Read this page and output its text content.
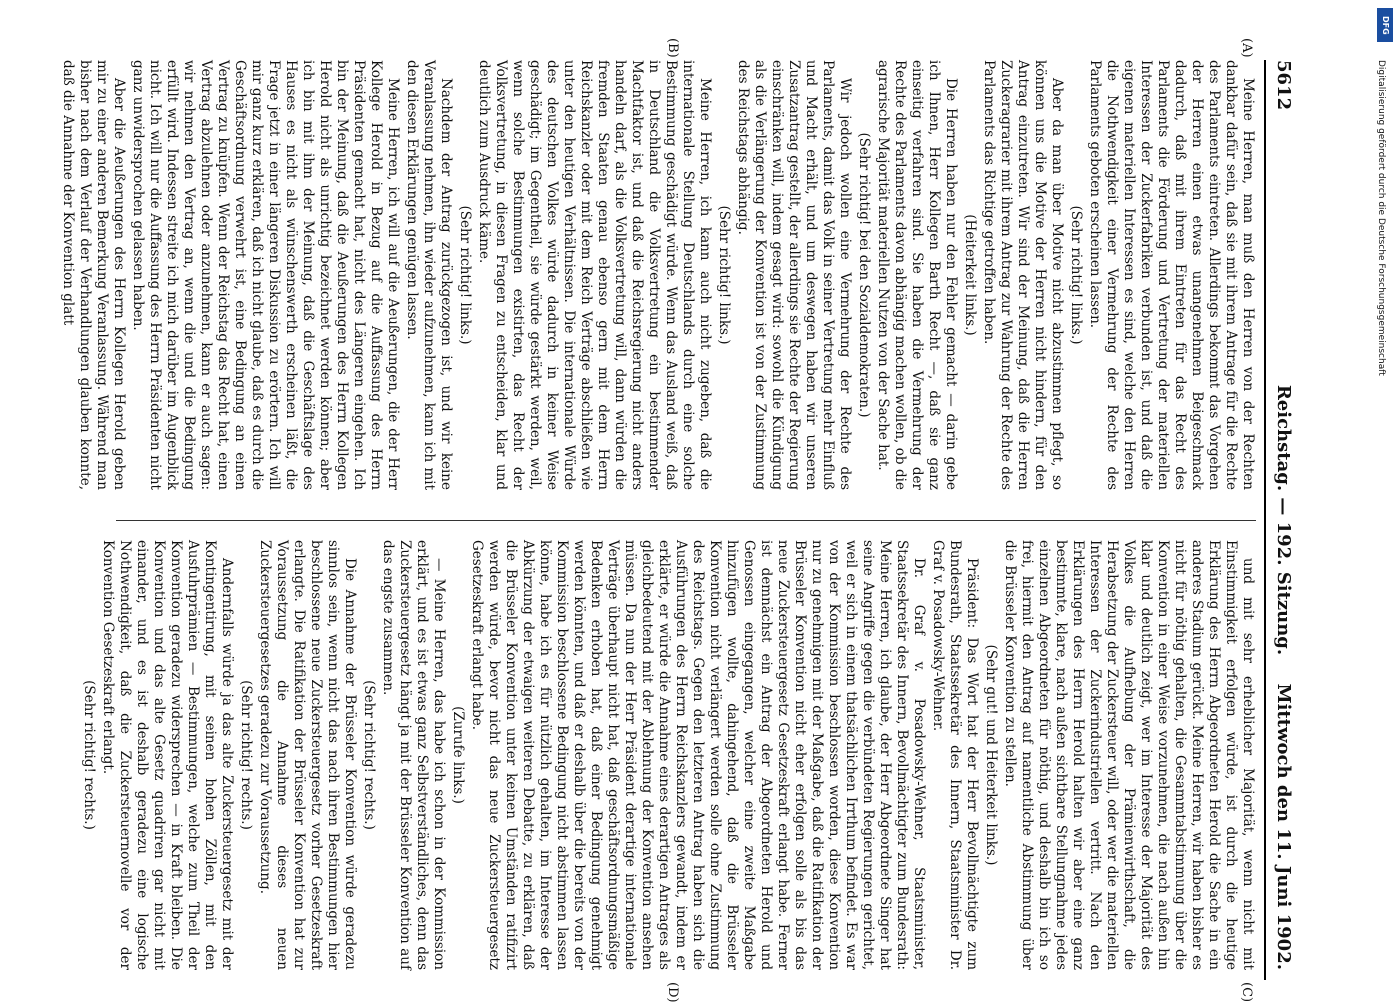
5612
Reichstag. — 192. Sitzung.
Mittwoch den 11. Juni 1902.
(A)
(B)
(C)
(D)

Meine Herren, man muß den Herren von der Rechten dankbar dafür sein, daß sie mit ihrem Antrage für die Rechte des Parlaments eintreten. Allerdings bekommt das Vorgehen der Herren einen etwas unangenehmen Beigeschmack dadurch, daß mit ihrem Eintreten für das Recht des Parlaments die Förderung und Vertretung der materiellen Interessen der Zuckerfabriken verbunden ist, und daß die eigenen materiellen Interessen es sind, welche den Herren die Nothwendigkeit einer Vermehrung der Rechte des Parlaments geboten erscheinen lassen.

(Sehr richtig! links.)

Aber da man über Motive nicht abzustimmen pflegt, so können uns die Motive der Herren nicht hindern, für den Antrag einzutreten. Wir sind der Meinung, daß die Herren Zuckeragrarier mit ihrem Antrag zur Wahrung der Rechte des Parlaments das Richtige getroffen haben.

(Heiterkeit links.)

Die Herren haben nur den Fehler gemacht — darin gebe ich Ihnen, Herr Kollegen Barth Recht —, daß sie ganz einseitig verfahren sind. Sie haben die Vermehrung der Rechte des Parlaments davon abhängig machen wollen, ob die agrarische Majorität materiellen Nutzen von der Sache hat.

(Sehr richtig! bei den Sozialdemokraten.)

Wir jedoch wollen eine Vermehrung der Rechte des Parlaments, damit das Volk in seiner Vertretung mehr Einfluß und Macht erhält, und um deswegen haben wir unseren Zusatzantrag gestellt, der allerdings sie Rechte der Regierung einschränken will, indem gesagt wird: sowohl die Kündigung als die Verlängerung der Konvention ist von der Zustimmung des Reichstags abhängig.

(Sehr richtig! links.)

Meine Herren, ich kann auch nicht zugeben, daß die internationale Stellung Deutschlands durch eine solche Bestimmung geschädigt würde. Wenn das Ausland weiß, daß in Deutschland die Volksvertretung ein bestimmender Machtfaktor ist, und daß die Reichsregierung nicht anders handeln darf, als die Volksvertretung will, dann würden die fremden Staaten genau ebenso gern mit dem Herrn Reichskanzler oder mit dem Reich Verträge abschließen wie unter den heutigen Verhältnissen. Die internationale Würde des deutschen Volkes würde dadurch in keiner Weise geschädigt; im Gegentheil, sie würde gestärkt werden, weil, wenn solche Bestimmungen existirten, das Recht der Volksvertretung, in diesen Fragen zu entscheiden, klar und deutlich zum Ausdruck käme.

(Sehr richtig! links.)

Nachdem der Antrag zurückgezogen ist, und wir keine Veranlassung nehmen, ihn wieder aufzunehmen, kann ich mit den diesen Erklärungen genügen lassen.

Meine Herren, ich will auf die Aeußerungen, die der Herr Kollege Herold in Bezug auf die Auffassung des Herrn Präsidenten gemacht hat, nicht des Längeren eingehen. Ich bin der Meinung, daß die Aeußerungen des Herrn Kollegen Herold nicht als unrichtig bezeichnet werden können; aber ich bin mit ihm der Meinung, daß die Geschäftslage des Hauses es nicht als wünschenswerth erscheinen läßt, die Frage jetzt in einer längeren Diskussion zu erörtern. Ich will mir ganz kurz erklären, daß ich nicht glaube, daß es durch die Geschäftsordnung verwehrt ist, eine Bedingung an einen Vertrag zu knüpfen. Wenn der Reichstag das Recht hat, einen Vertrag abzulehnen oder anzunehmen, kann er auch sagen: wir nehmen den Vertrag an, wenn die und die Bedingung erfüllt wird. Indessen streite ich mich darüber im Augenblick nicht. Ich will nur die Auffassung des Herrn Präsidenten nicht ganz unwidersprochen gelassen haben.

Aber die Aeußerungen des Herrn Kollegen Herold geben mir zu einer anderen Bemerkung Veranlassung. Während man bisher nach dem Verlauf der Verhandlungen glauben konnte, daß die Annahme der Konvention glatt

und mit sehr erheblicher Majorität, wenn nicht mit Einstimmigkeit erfolgen würde, ist durch die heutige Erklärung des Herrn Abgeordneten Herold die Sache in ein anderes Stadium gerückt. Meine Herren, wir haben bisher es nicht für nöthig gehalten, die Gesammtabstimmung über die Konvention in einer Weise vorzunehmen, die nach außen hin klar und deutlich zeigt, wer im Interesse der Majorität des Volkes die Aufhebung der Prämienwirthschaft, die Herabsetzung der Zuckersteuer will, oder wer die materiellen Interessen der Zuckerindustriellen vertritt. Nach den Erklärungen des Herrn Herold halten wir aber eine ganz bestimmte, klare, nach außen sichtbare Stellungnahme jedes einzelnen Abgeordneten für nöthig, und deshalb bin ich so frei, hiermit den Antrag auf namentliche Abstimmung über die Brüsseler Konvention zu stellen.

(Sehr gut! und Heiterkeit links.)

Präsident: Das Wort hat der Herr Bevollmächtigte zum Bundesrath, Staatssekretär des Innern, Staatsminister Dr. Graf v. Posadowsky-Wehner.

Dr. Graf v. Posadowsky-Wehner, Staatsminister, Staatssekretär des Innern, Bevollmächtigter zum Bundesrath: Meine Herren, ich glaube, der Herr Abgeordnete Singer hat seine Angriffe gegen die verbündeten Regierungen gerichtet, weil er sich in einem thatsächlichen Irrthum befindet. Es war von der Kommission beschlossen worden, diese Konvention nur zu genehmigen mit der Maßgabe, daß die Ratifikation der Brüsseler Konvention nicht eher erfolgen solle als bis das neue Zuckersteuergesetz Gesetzeskraft erlangt habe. Ferner ist demnächst ein Antrag der Abgeordneten Herold und Genossen eingegangen, welcher eine zweite Maßgabe hinzufügen wollte, dahingehend, daß die Brüsseler Konvention nicht verlängert werden solle ohne Zustimmung des Reichstags. Gegen den letzteren Antrag haben sich die Ausführungen des Herrn Reichskanzlers gewandt, indem er erklärte, er würde die Annahme eines derartigen Antrages als gleichbedeutend mit der Ablehnung der Konvention ansehen müssen. Da nun der Herr Präsident derartige internationale Verträge überhaupt nicht hat, daß geschäftsordnungsmäßige Bedenken erhoben hat, daß einer Bedingung genehmigt werden könnten, und daß er deshalb über die bereits von der Kommission beschlossene Bedingung nicht abstimmen lassen könne, habe ich es für nützlich gehalten, im Interesse der Abkürzung der etwaigen weiteren Debatte, zu erklären, daß die Brüsseler Konvention unter keinen Umständen ratifizirt werden würde, bevor nicht das neue Zuckersteuergesetz Gesetzeskraft erlangt habe.

(Zurufe links.)

— Meine Herren, das habe ich schon in der Kommission erklärt, und es ist etwas ganz Selbstverständliches, denn das Zuckersteuergesetz hängt ja mit der Brüsseler Konvention auf das engste zusammen.

(Sehr richtig! rechts.)

Die Annahme der Brüsseler Konvention würde geradezu sinnlos sein, wenn nicht das nach ihren Bestimmungen hier beschlossene neue Zuckersteuergesetz vorher Gesetzeskraft erlangte. Die Ratifikation der Brüsseler Konvention hat zur Voraussetzung die Annahme dieses neuen Zuckersteuergesetzes geradezu zur Voraussetzung.

(Sehr richtig! rechts.)

Andernfalls würde ja das alte Zuckersteuergesetz mit der Kontingentirung, mit seinen hohen Zöllen, mit den Ausfuhrprämien — Bestimmungen, welche zum Theil der Konvention geradezu widersprechen — in Kraft bleiben. Die Konvention und das alte Gesetz quadriren gar nicht mit einander, und es ist deshalb geradezu eine logische Nothwendigkeit, daß die Zuckersteuernovelle vor der Konvention Gesetzeskraft erlangt.

(Sehr richtig! rechts.)

DFG
Digitalisierung gefördert durch die Deutsche Forschungsgemeinschaft
